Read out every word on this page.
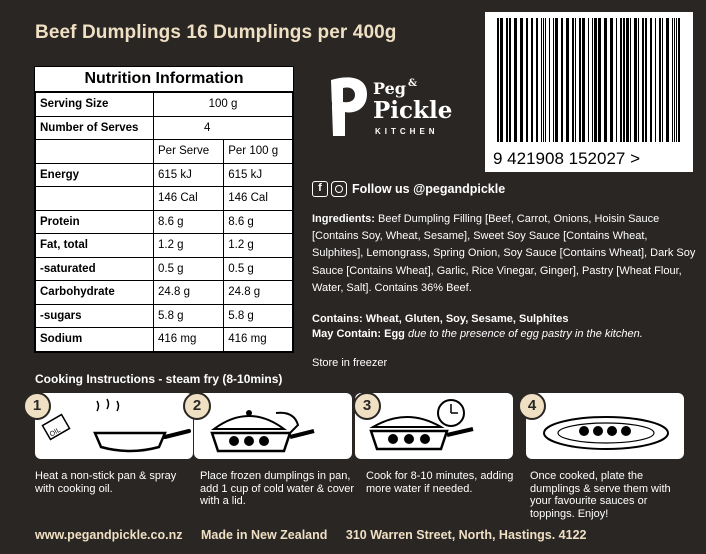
Beef Dumplings 16 Dumplings per 400g
Nutrition Information
Serving Size	100 g	
Number of Serves	4	
	Per Serve	Per 100 g
Energy	615 kJ	615 kJ
	146 Cal	146 Cal
Protein	8.6 g	8.6 g
Fat, total	1.2 g	1.2 g
-saturated	0.5 g	0.5 g
Carbohydrate	24.8 g	24.8 g
-sugars	5.8 g	5.8 g
Sodium	416 mg	416 mg
9 421908 152027 >
Peg &
Pickle
KITCHEN
f	Follow us @pegandpickle
Ingredients: Beef Dumpling Filling [Beef, Carrot, Onions, Hoisin Sauce [Contains Soy, Wheat, Sesame], Sweet Soy Sauce [Contains Wheat, Sulphites], Lemongrass, Spring Onion, Soy Sauce [Contains Wheat], Dark Soy Sauce [Contains Wheat], Garlic, Rice Vinegar, Ginger], Pastry [Wheat Flour, Water, Salt]. Contains 36% Beef.
Contains: Wheat, Gluten, Soy, Sesame, Sulphites
May Contain: Egg due to the presence of egg pastry in the kitchen.
Store in freezer
Cooking Instructions - steam fry (8-10mins)
OIL
1
Heat a non-stick pan & spray with cooking oil.
2
Place frozen dumplings in pan, add 1 cup of cold water & cover with a lid.
3
Cook for 8-10 minutes, adding more water if needed.
4
Once cooked, plate the dumplings & serve them with your favourite sauces or toppings. Enjoy!
www.pegandpickle.co.nz Made in New Zealand 310 Warren Street, North, Hastings. 4122
